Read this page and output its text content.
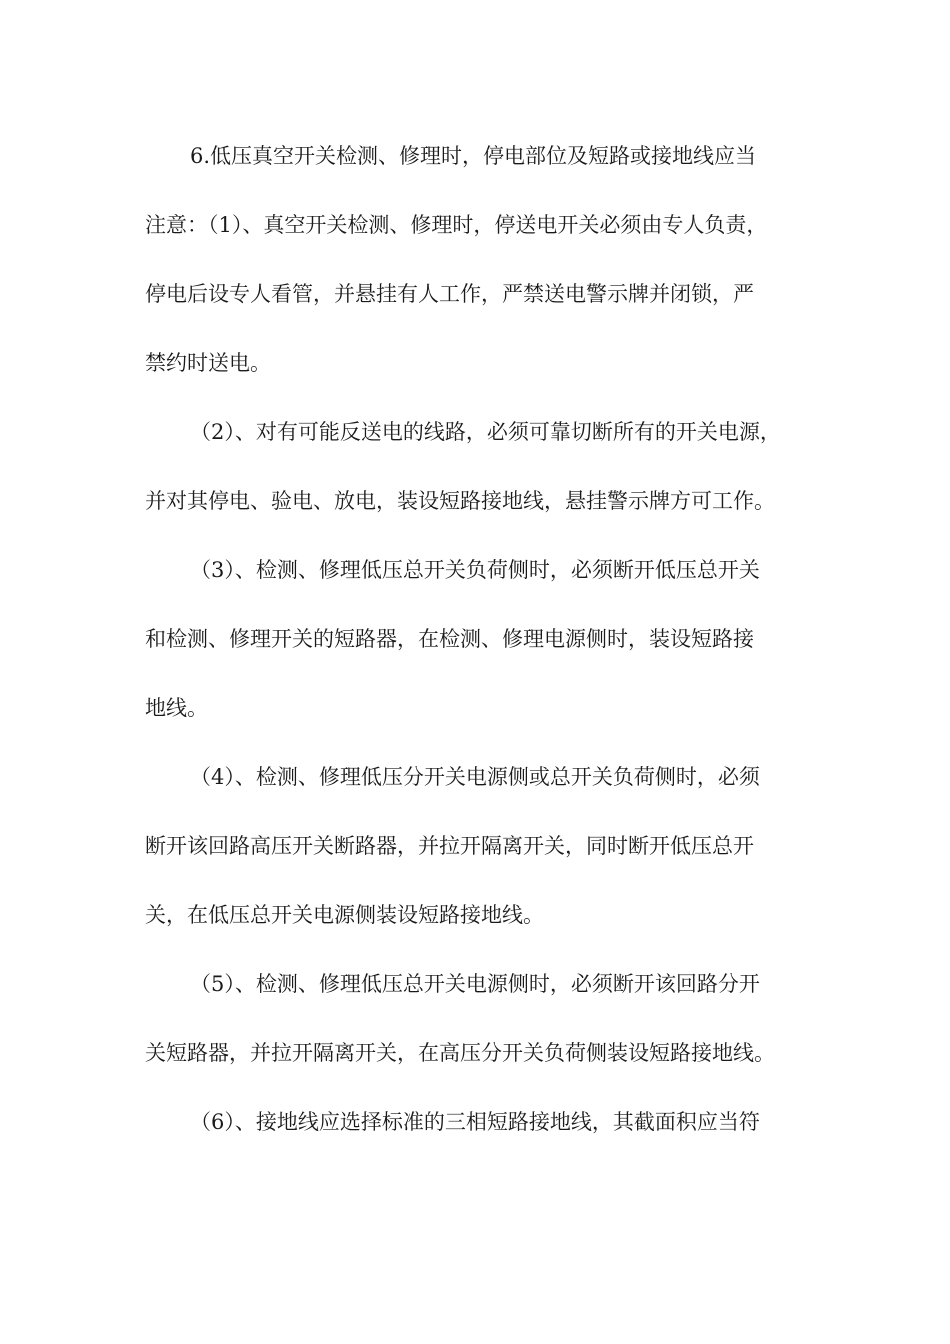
6.低压真空开关检测、修理时，停电部位及短路或接地线应当
注意：（1）、真空开关检测、修理时，停送电开关必须由专人负责，
停电后设专人看管，并悬挂有人工作，严禁送电警示牌并闭锁，严
禁约时送电。
（2）、对有可能反送电的线路，必须可靠切断所有的开关电源，
并对其停电、验电、放电，装设短路接地线，悬挂警示牌方可工作。
（3）、检测、修理低压总开关负荷侧时，必须断开低压总开关
和检测、修理开关的短路器，在检测、修理电源侧时，装设短路接
地线。
（4）、检测、修理低压分开关电源侧或总开关负荷侧时，必须
断开该回路高压开关断路器，并拉开隔离开关，同时断开低压总开
关，在低压总开关电源侧装设短路接地线。
（5）、检测、修理低压总开关电源侧时，必须断开该回路分开
关短路器，并拉开隔离开关，在高压分开关负荷侧装设短路接地线。
（6）、接地线应选择标准的三相短路接地线，其截面积应当符
